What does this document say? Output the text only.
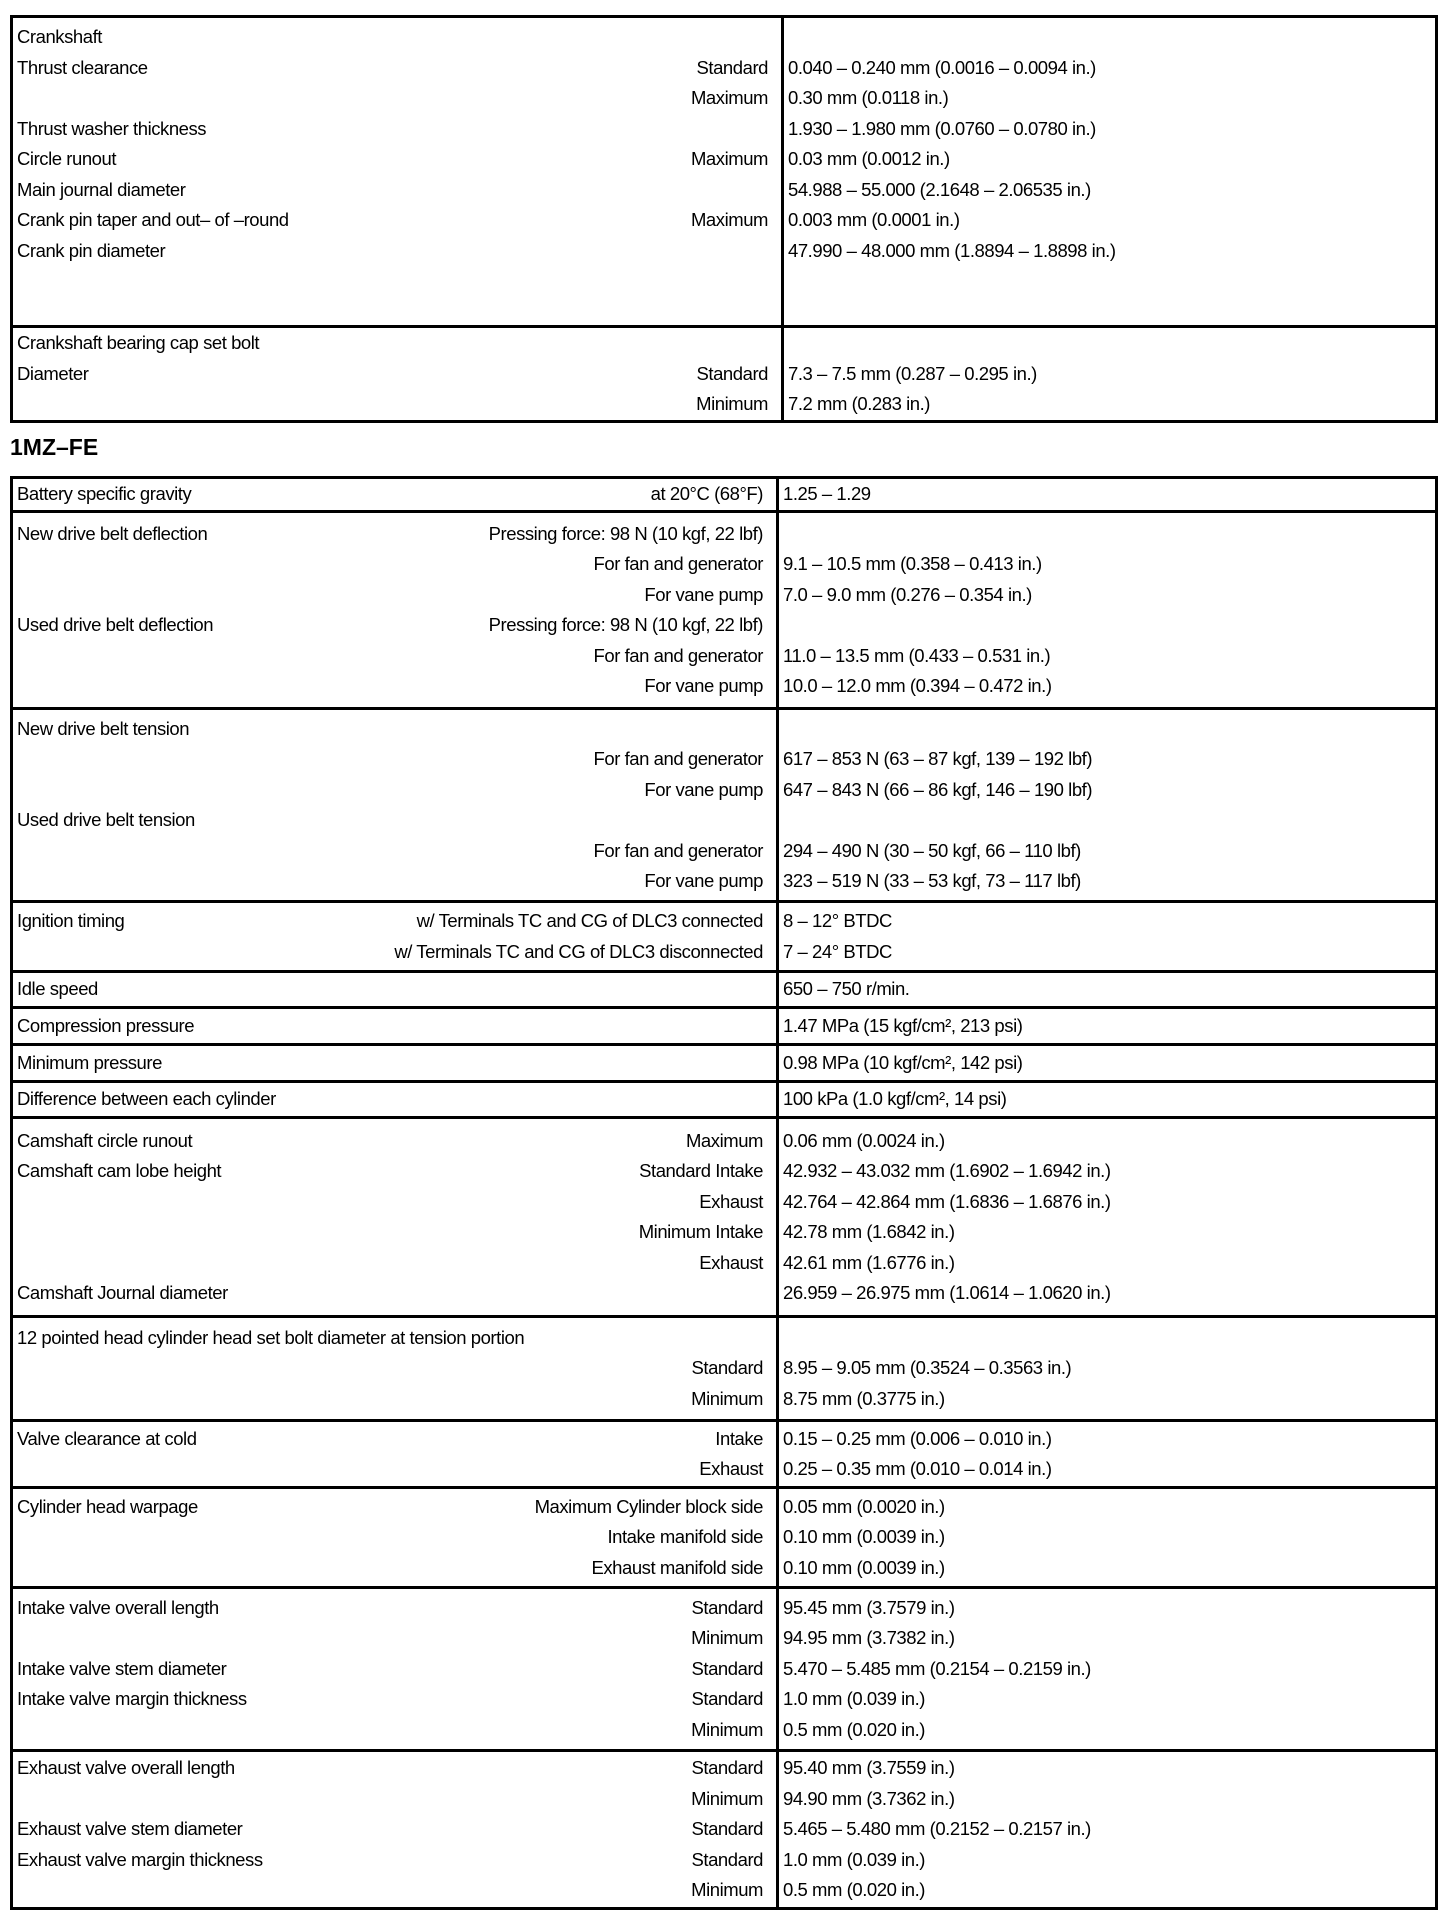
Crankshaft
Thrust clearance	Standard 0.040 – 0.240 mm (0.0016 – 0.0094 in.)
Maximum 0.30 mm (0.0118 in.)
Thrust washer thickness	1.930 – 1.980 mm (0.0760 – 0.0780 in.)
Circle runout	Maximum 0.03 mm (0.0012 in.)
Main journal diameter	54.988 – 55.000 (2.1648 – 2.06535 in.)
Crank pin taper and out– of –round	Maximum 0.003 mm (0.0001 in.)
Crank pin diameter	47.990 – 48.000 mm (1.8894 – 1.8898 in.)
Crankshaft bearing cap set bolt
Diameter	Standard 7.3 – 7.5 mm (0.287 – 0.295 in.)
Minimum 7.2 mm (0.283 in.)
1MZ–FE
Battery specific gravity	at 20°C (68°F) 1.25 – 1.29
New drive belt deflection	Pressing force: 98 N (10 kgf, 22 lbf)
For fan and generator 9.1 – 10.5 mm (0.358 – 0.413 in.)
For vane pump 7.0 – 9.0 mm (0.276 – 0.354 in.)
Used drive belt deflection	Pressing force: 98 N (10 kgf, 22 lbf)
For fan and generator 11.0 – 13.5 mm (0.433 – 0.531 in.)
For vane pump 10.0 – 12.0 mm (0.394 – 0.472 in.)
New drive belt tension
For fan and generator 617 – 853 N (63 – 87 kgf, 139 – 192 lbf)
For vane pump 647 – 843 N (66 – 86 kgf, 146 – 190 lbf)
Used drive belt tension
For fan and generator 294 – 490 N (30 – 50 kgf, 66 – 110 lbf)
For vane pump 323 – 519 N (33 – 53 kgf, 73 – 117 lbf)
Ignition timing	w/ Terminals TC and CG of DLC3 connected 8 – 12° BTDC
w/ Terminals TC and CG of DLC3 disconnected 7 – 24° BTDC
Idle speed	650 – 750 r/min.
Compression pressure	1.47 MPa (15 kgf/cm², 213 psi)
Minimum pressure	0.98 MPa (10 kgf/cm², 142 psi)
Difference between each cylinder	100 kPa (1.0 kgf/cm², 14 psi)
Camshaft circle runout	Maximum 0.06 mm (0.0024 in.)
Camshaft cam lobe height	Standard Intake 42.932 – 43.032 mm (1.6902 – 1.6942 in.)
Exhaust 42.764 – 42.864 mm (1.6836 – 1.6876 in.)
Minimum Intake 42.78 mm (1.6842 in.)
Exhaust 42.61 mm (1.6776 in.)
Camshaft Journal diameter	26.959 – 26.975 mm (1.0614 – 1.0620 in.)
12 pointed head cylinder head set bolt diameter at tension portion
Standard 8.95 – 9.05 mm (0.3524 – 0.3563 in.)
Minimum 8.75 mm (0.3775 in.)
Valve clearance at cold	Intake 0.15 – 0.25 mm (0.006 – 0.010 in.)
Exhaust 0.25 – 0.35 mm (0.010 – 0.014 in.)
Cylinder head warpage	Maximum Cylinder block side 0.05 mm (0.0020 in.)
Intake manifold side 0.10 mm (0.0039 in.)
Exhaust manifold side 0.10 mm (0.0039 in.)
Intake valve overall length	Standard 95.45 mm (3.7579 in.)
Minimum 94.95 mm (3.7382 in.)
Intake valve stem diameter	Standard 5.470 – 5.485 mm (0.2154 – 0.2159 in.)
Intake valve margin thickness	Standard 1.0 mm (0.039 in.)
Minimum 0.5 mm (0.020 in.)
Exhaust valve overall length	Standard 95.40 mm (3.7559 in.)
Minimum 94.90 mm (3.7362 in.)
Exhaust valve stem diameter	Standard 5.465 – 5.480 mm (0.2152 – 0.2157 in.)
Exhaust valve margin thickness	Standard 1.0 mm (0.039 in.)
Minimum 0.5 mm (0.020 in.)
